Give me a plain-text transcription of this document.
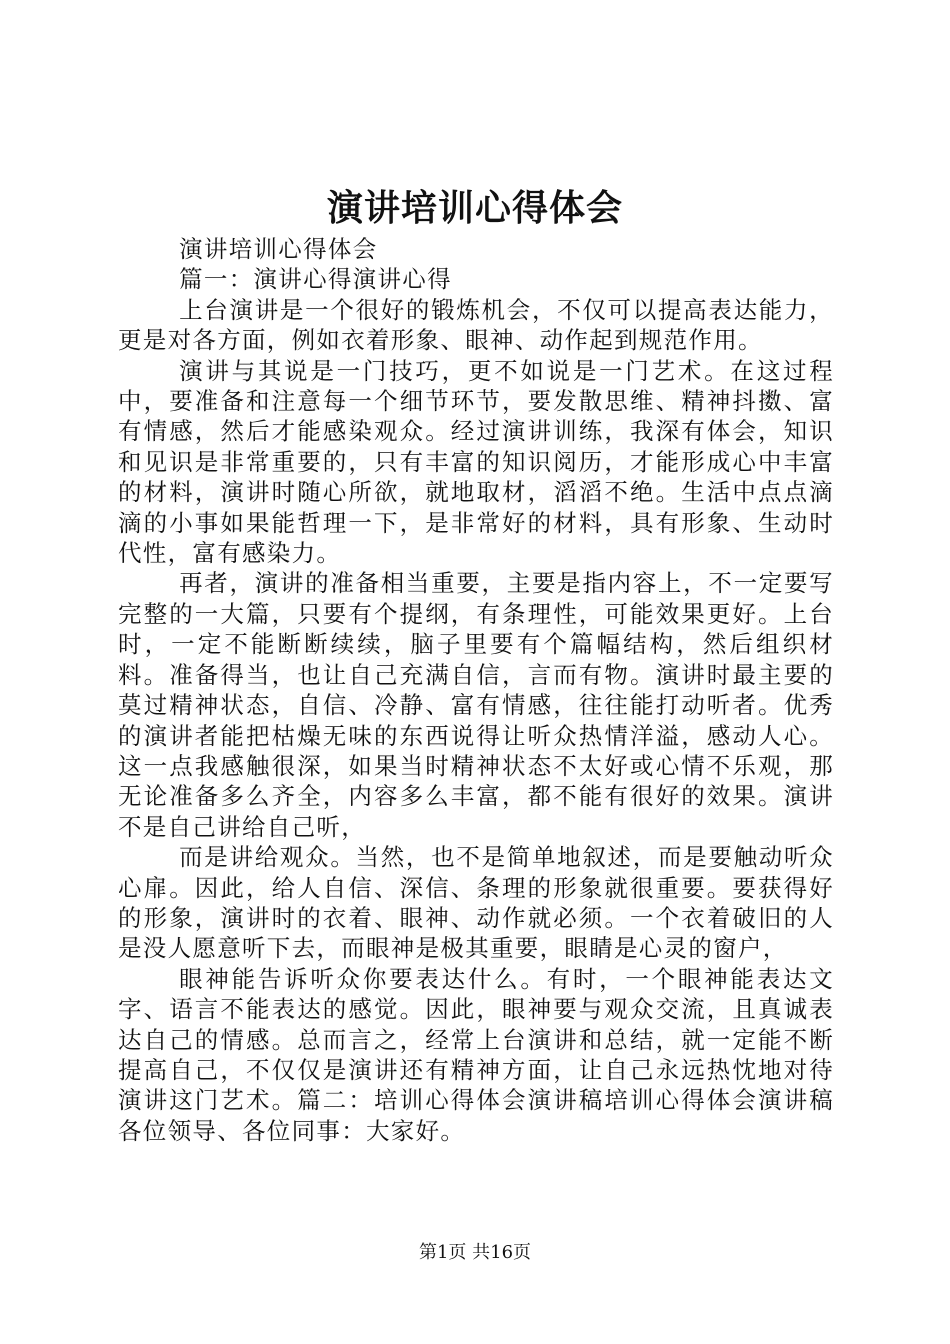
演讲培训心得体会

演讲培训心得体会

篇一：演讲心得演讲心得

上台演讲是一个很好的锻炼机会，不仅可以提高表达能力，更是对各方面，例如衣着形象、眼神、动作起到规范作用。

演讲与其说是一门技巧，更不如说是一门艺术。在这过程中，要准备和注意每一个细节环节，要发散思维、精神抖擞、富有情感，然后才能感染观众。经过演讲训练，我深有体会，知识和见识是非常重要的，只有丰富的知识阅历，才能形成心中丰富的材料，演讲时随心所欲，就地取材，滔滔不绝。生活中点点滴滴的小事如果能哲理一下，是非常好的材料，具有形象、生动时代性，富有感染力。

再者，演讲的准备相当重要，主要是指内容上，不一定要写完整的一大篇，只要有个提纲，有条理性，可能效果更好。上台时，一定不能断断续续，脑子里要有个篇幅结构，然后组织材料。准备得当，也让自己充满自信，言而有物。演讲时最主要的莫过精神状态，自信、冷静、富有情感，往往能打动听者。优秀的演讲者能把枯燥无味的东西说得让听众热情洋溢，感动人心。这一点我感触很深，如果当时精神状态不太好或心情不乐观，那无论准备多么齐全，内容多么丰富，都不能有很好的效果。演讲不是自己讲给自己听，

而是讲给观众。当然，也不是简单地叙述，而是要触动听众心扉。因此，给人自信、深信、条理的形象就很重要。要获得好的形象，演讲时的衣着、眼神、动作就必须。一个衣着破旧的人是没人愿意听下去，而眼神是极其重要，眼睛是心灵的窗户，

眼神能告诉听众你要表达什么。有时，一个眼神能表达文字、语言不能表达的感觉。因此，眼神要与观众交流，且真诚表达自己的情感。总而言之，经常上台演讲和总结，就一定能不断提高自己，不仅仅是演讲还有精神方面，让自己永远热忱地对待演讲这门艺术。篇二：培训心得体会演讲稿培训心得体会演讲稿各位领导、各位同事：大家好。

第1页 共16页
